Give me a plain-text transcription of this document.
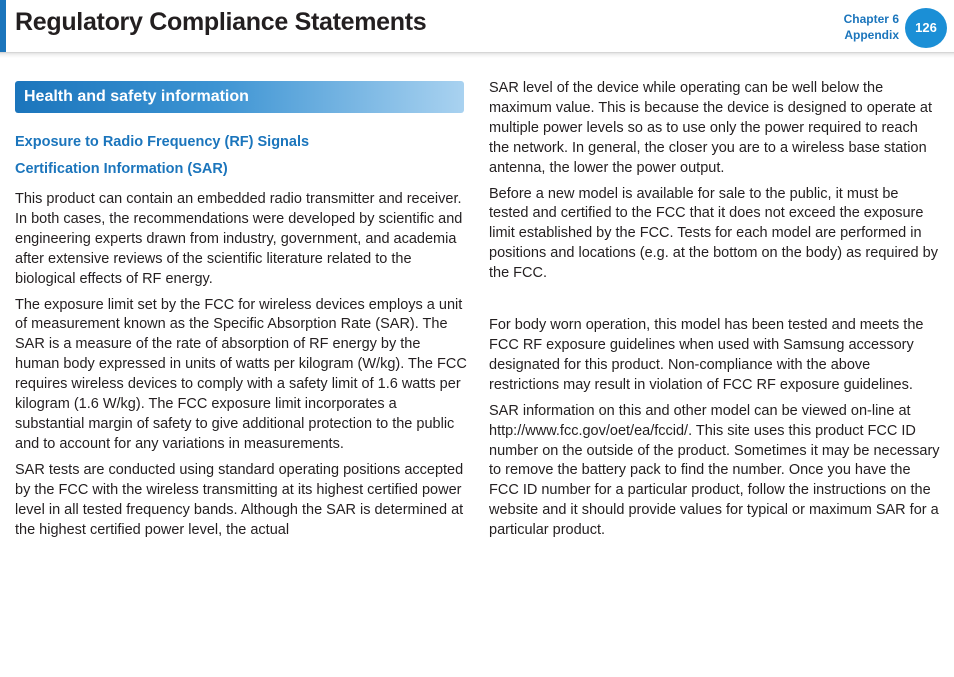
Regulatory Compliance Statements	Chapter 6
Appendix	126
Health and safety information
Exposure to Radio Frequency (RF) Signals
Certification Information (SAR)

This product can contain an embedded radio transmitter and receiver. In both cases, the recommendations were developed by scientific and engineering experts drawn from industry, government, and academia after extensive reviews of the scientific literature related to the biological effects of RF energy.

The exposure limit set by the FCC for wireless devices employs a unit of measurement known as the Specific Absorption Rate (SAR). The SAR is a measure of the rate of absorption of RF energy by the human body expressed in units of watts per kilogram (W/kg). The FCC requires wireless devices to comply with a safety limit of 1.6 watts per kilogram (1.6 W/kg). The FCC exposure limit incorporates a substantial margin of safety to give additional protection to the public and to account for any variations in measurements.

SAR tests are conducted using standard operating positions accepted by the FCC with the wireless transmitting at its highest certified power level in all tested frequency bands. Although the SAR is determined at the highest certified power level, the actual

SAR level of the device while operating can be well below the maximum value. This is because the device is designed to operate at multiple power levels so as to use only the power required to reach the network. In general, the closer you are to a wireless base station antenna, the lower the power output.

Before a new model is available for sale to the public, it must be tested and certified to the FCC that it does not exceed the exposure limit established by the FCC. Tests for each model are performed in positions and locations (e.g. at the bottom on the body) as required by the FCC.

For body worn operation, this model has been tested and meets the FCC RF exposure guidelines when used with Samsung accessory designated for this product. Non-compliance with the above restrictions may result in violation of FCC RF exposure guidelines.

SAR information on this and other model can be viewed on-line at http://www.fcc.gov/oet/ea/fccid/. This site uses this product FCC ID number on the outside of the product. Sometimes it may be necessary to remove the battery pack to find the number. Once you have the FCC ID number for a particular product, follow the instructions on the website and it should provide values for typical or maximum SAR for a particular product.
